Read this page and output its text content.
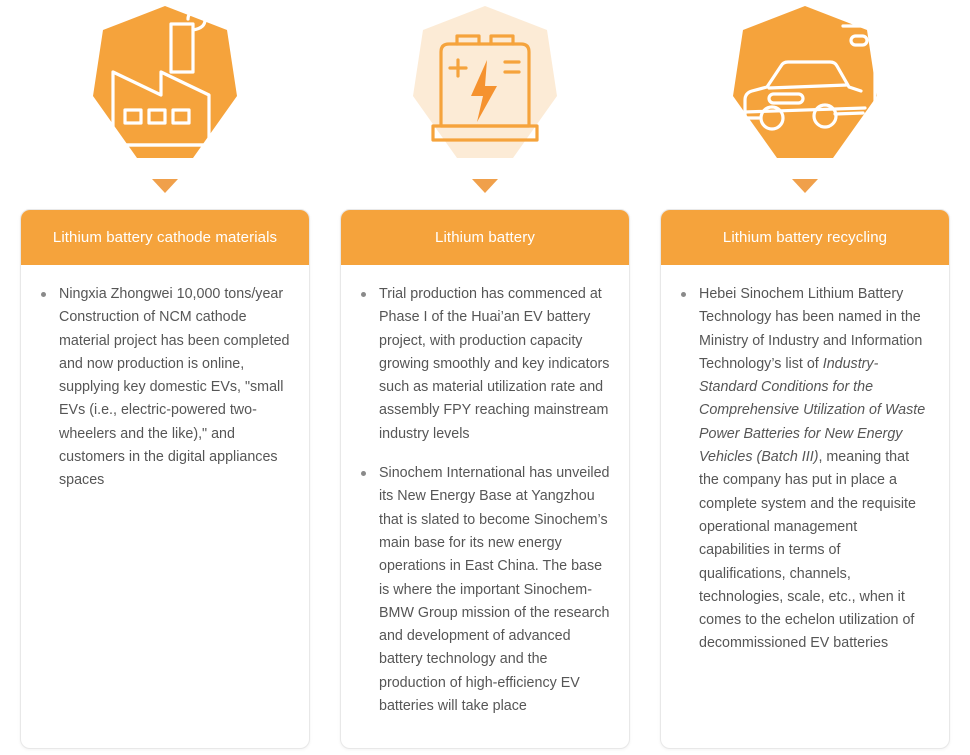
Lithium battery cathode materials
Ningxia Zhongwei 10,000 tons/year Construction of NCM cathode material project has been completed and now production is online, supplying key domestic EVs, "small EVs (i.e., electric-powered two-wheelers and the like)," and customers in the digital appliances spaces
Lithium battery
Trial production has commenced at Phase I of the Huai’an EV battery project, with production capacity growing smoothly and key indicators such as material utilization rate and assembly FPY reaching mainstream industry levels
Sinochem International has unveiled its New Energy Base at Yangzhou that is slated to become Sinochem’s main base for its new energy operations in East China. The base is where the important Sinochem-BMW Group mission of the research and development of advanced battery technology and the production of high-efficiency EV batteries will take place
Lithium battery recycling
Hebei Sinochem Lithium Battery Technology has been named in the Ministry of Industry and Information Technology’s list of Industry-Standard Conditions for the Comprehensive Utilization of Waste Power Batteries for New Energy Vehicles (Batch III), meaning that the company has put in place a complete system and the requisite operational management capabilities in terms of qualifications, channels, technologies, scale, etc., when it comes to the echelon utilization of decommissioned EV batteries
